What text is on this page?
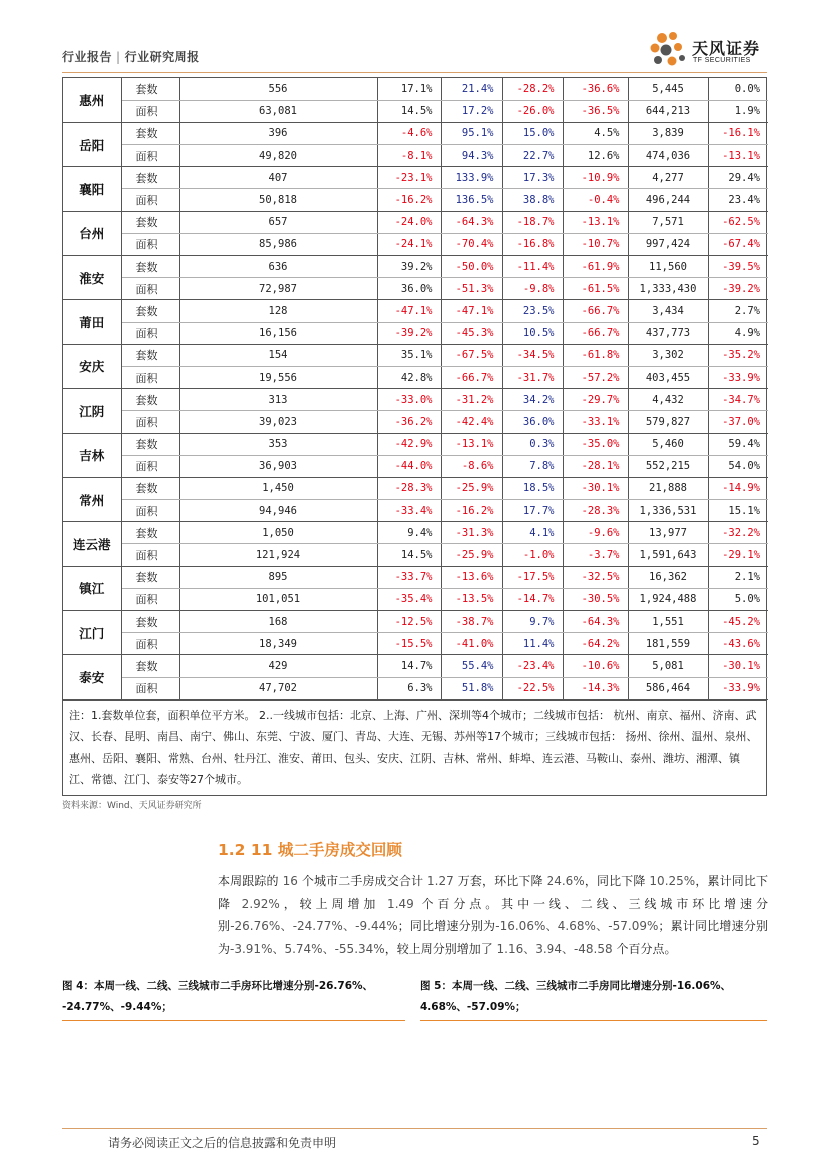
行业报告 | 行业研究周报	天风证券
TF SECURITIES
惠州	套数	556	17.1%	21.4%	-28.2%	-36.6%	5,445	0.0%
	面积	63,081	14.5%	17.2%	-26.0%	-36.5%	644,213	1.9%
岳阳	套数	396	-4.6%	95.1%	15.0%	4.5%	3,839	-16.1%
	面积	49,820	-8.1%	94.3%	22.7%	12.6%	474,036	-13.1%
襄阳	套数	407	-23.1%	133.9%	17.3%	-10.9%	4,277	29.4%
	面积	50,818	-16.2%	136.5%	38.8%	-0.4%	496,244	23.4%
台州	套数	657	-24.0%	-64.3%	-18.7%	-13.1%	7,571	-62.5%
	面积	85,986	-24.1%	-70.4%	-16.8%	-10.7%	997,424	-67.4%
淮安	套数	636	39.2%	-50.0%	-11.4%	-61.9%	11,560	-39.5%
	面积	72,987	36.0%	-51.3%	-9.8%	-61.5%	1,333,430	-39.2%
莆田	套数	128	-47.1%	-47.1%	23.5%	-66.7%	3,434	2.7%
	面积	16,156	-39.2%	-45.3%	10.5%	-66.7%	437,773	4.9%
安庆	套数	154	35.1%	-67.5%	-34.5%	-61.8%	3,302	-35.2%
	面积	19,556	42.8%	-66.7%	-31.7%	-57.2%	403,455	-33.9%
江阴	套数	313	-33.0%	-31.2%	34.2%	-29.7%	4,432	-34.7%
	面积	39,023	-36.2%	-42.4%	36.0%	-33.1%	579,827	-37.0%
吉林	套数	353	-42.9%	-13.1%	0.3%	-35.0%	5,460	59.4%
	面积	36,903	-44.0%	-8.6%	7.8%	-28.1%	552,215	54.0%
常州	套数	1,450	-28.3%	-25.9%	18.5%	-30.1%	21,888	-14.9%
	面积	94,946	-33.4%	-16.2%	17.7%	-28.3%	1,336,531	15.1%
连云港	套数	1,050	9.4%	-31.3%	4.1%	-9.6%	13,977	-32.2%
	面积	121,924	14.5%	-25.9%	-1.0%	-3.7%	1,591,643	-29.1%
镇江	套数	895	-33.7%	-13.6%	-17.5%	-32.5%	16,362	2.1%
	面积	101,051	-35.4%	-13.5%	-14.7%	-30.5%	1,924,488	5.0%
江门	套数	168	-12.5%	-38.7%	9.7%	-64.3%	1,551	-45.2%
	面积	18,349	-15.5%	-41.0%	11.4%	-64.2%	181,559	-43.6%
泰安	套数	429	14.7%	55.4%	-23.4%	-10.6%	5,081	-30.1%
	面积	47,702	6.3%	51.8%	-22.5%	-14.3%	586,464	-33.9%
注：1.套数单位套，面积单位平方米。 2..一线城市包括：北京、上海、广州、深圳等4个城市；二线城市包括： 杭州、南京、福州、济南、武汉、长春、昆明、南昌、南宁、佛山、东莞、宁波、厦门、青岛、大连、无锡、苏州等17个城市；三线城市包括： 扬州、徐州、温州、泉州、惠州、岳阳、襄阳、常熟、台州、牡丹江、淮安、莆田、包头、安庆、江阴、吉林、常州、蚌埠、连云港、马鞍山、泰州、潍坊、湘潭、镇江、常德、江门、泰安等27个城市。
资料来源：Wind、天风证券研究所
1.2 11 城二手房成交回顾
本周跟踪的 16 个城市二手房成交合计 1.27 万套，环比下降 24.6%，同比下降 10.25%，累计同比下降 2.92%，较上周增加 1.49 个百分点。其中一线、二线、三线城市环比增速分别-26.76%、-24.77%、-9.44%；同比增速分别为-16.06%、4.68%、-57.09%；累计同比增速分别为-3.91%、5.74%、-55.34%，较上周分别增加了 1.16、3.94、-48.58 个百分点。
图 4：本周一线、二线、三线城市二手房环比增速分别-26.76%、
-24.77%、-9.44%；
图 5：本周一线、二线、三线城市二手房同比增速分别-16.06%、
4.68%、-57.09%；
请务必阅读正文之后的信息披露和免责申明	5
